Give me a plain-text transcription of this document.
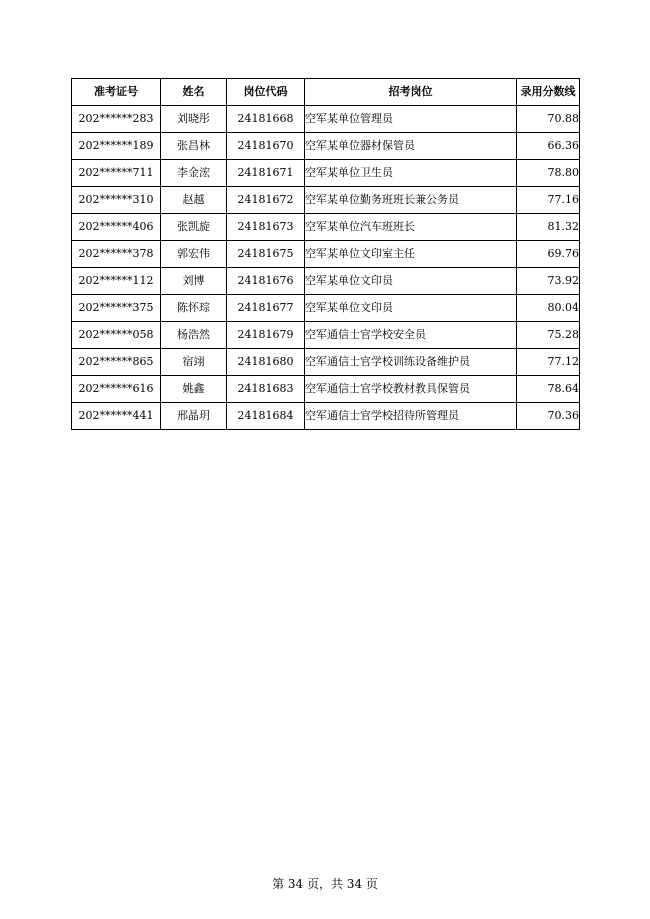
准考证号	姓名	岗位代码	招考岗位	录用分数线
202******283	刘晓彤	24181668	空军某单位管理员	70.88
202******189	张昌林	24181670	空军某单位器材保管员	66.36
202******711	李金浤	24181671	空军某单位卫生员	78.80
202******310	赵越	24181672	空军某单位勤务班班长兼公务员	77.16
202******406	张凯旋	24181673	空军某单位汽车班班长	81.32
202******378	郭宏伟	24181675	空军某单位文印室主任	69.76
202******112	刘博	24181676	空军某单位文印员	73.92
202******375	陈怀琮	24181677	空军某单位文印员	80.04
202******058	杨浩然	24181679	空军通信士官学校安全员	75.28
202******865	宿翊	24181680	空军通信士官学校训练设备维护员	77.12
202******616	姚鑫	24181683	空军通信士官学校教材教具保管员	78.64
202******441	邢晶玥	24181684	空军通信士官学校招待所管理员	70.36
第 34 页，共 34 页
